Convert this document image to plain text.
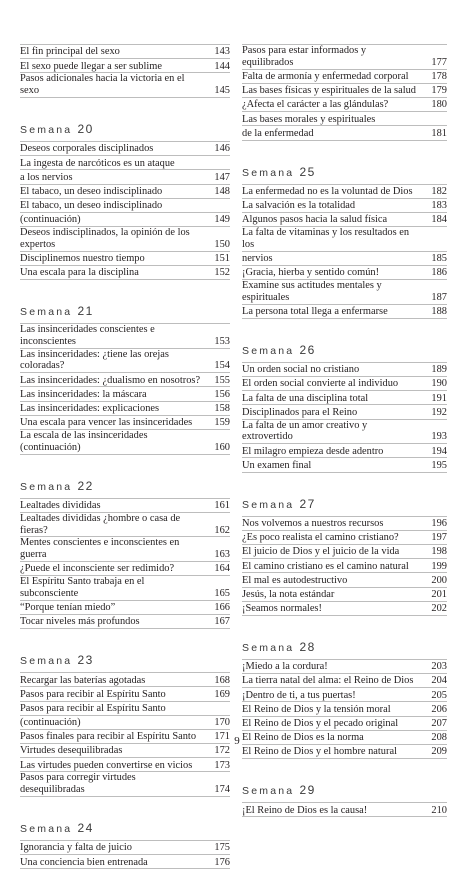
El fin principal del sexo	143
El sexo puede llegar a ser sublime	144
Pasos adicionales hacia la victoria en el sexo	145
Semana 20
Deseos corporales disciplinados	146
La ingesta de narcóticos es un ataque
a los nervios	147
El tabaco, un deseo indisciplinado	148
El tabaco, un deseo indisciplinado
(continuación)	149
Deseos indisciplinados, la opinión de los expertos	150
Disciplinemos nuestro tiempo	151
Una escala para la disciplina	152
Semana 21
Las insinceridades conscientes e inconscientes	153
Las insinceridades: ¿tiene las orejas coloradas?	154
Las insinceridades: ¿dualismo en nosotros?	155
Las insinceridades: la máscara	156
Las insinceridades: explicaciones	158
Una escala para vencer las insinceridades	159
La escala de las insinceridades (continuación)	160
Semana 22
Lealtades divididas	161
Lealtades divididas ¿hombre o casa de fieras?	162
Mentes conscientes e inconscientes en guerra	163
¿Puede el inconsciente ser redimido?	164
El Espíritu Santo trabaja en el subconsciente	165
“Porque tenían miedo”	166
Tocar niveles más profundos	167
Semana 23
Recargar las baterías agotadas	168
Pasos para recibir al Espíritu Santo	169
Pasos para recibir al Espíritu Santo
(continuación)	170
Pasos finales para recibir al Espíritu Santo	171
Virtudes desequilibradas	172
Las virtudes pueden convertirse en vicios	173
Pasos para corregir virtudes desequilibradas	174
Semana 24
Ignorancia y falta de juicio	175
Una conciencia bien entrenada	176
Pasos para estar informados y equilibrados	177
Falta de armonía y enfermedad corporal	178
Las bases físicas y espirituales de la salud	179
¿Afecta el carácter a las glándulas?	180
Las bases morales y espirituales
de la enfermedad	181
Semana 25
La enfermedad no es la voluntad de Dios	182
La salvación es la totalidad	183
Algunos pasos hacia la salud física	184
La falta de vitaminas y los resultados en los
nervios	185
¡Gracia, hierba y sentido común!	186
Examine sus actitudes mentales y espirituales	187
La persona total llega a enfermarse	188
Semana 26
Un orden social no cristiano	189
El orden social convierte al individuo	190
La falta de una disciplina total	191
Disciplinados para el Reino	192
La falta de un amor creativo y extrovertido	193
El milagro empieza desde adentro	194
Un examen final	195
Semana 27
Nos volvemos a nuestros recursos	196
¿Es poco realista el camino cristiano?	197
El juicio de Dios y el juicio de la vida	198
El camino cristiano es el camino natural	199
El mal es autodestructivo	200
Jesús, la nota estándar	201
¡Seamos normales!	202
Semana 28
¡Miedo a la cordura!	203
La tierra natal del alma: el Reino de Dios	204
¡Dentro de ti, a tus puertas!	205
El Reino de Dios y la tensión moral	206
El Reino de Dios y el pecado original	207
El Reino de Dios es la norma	208
El Reino de Dios y el hombre natural	209
Semana 29
¡El Reino de Dios es la causa!	210
9
